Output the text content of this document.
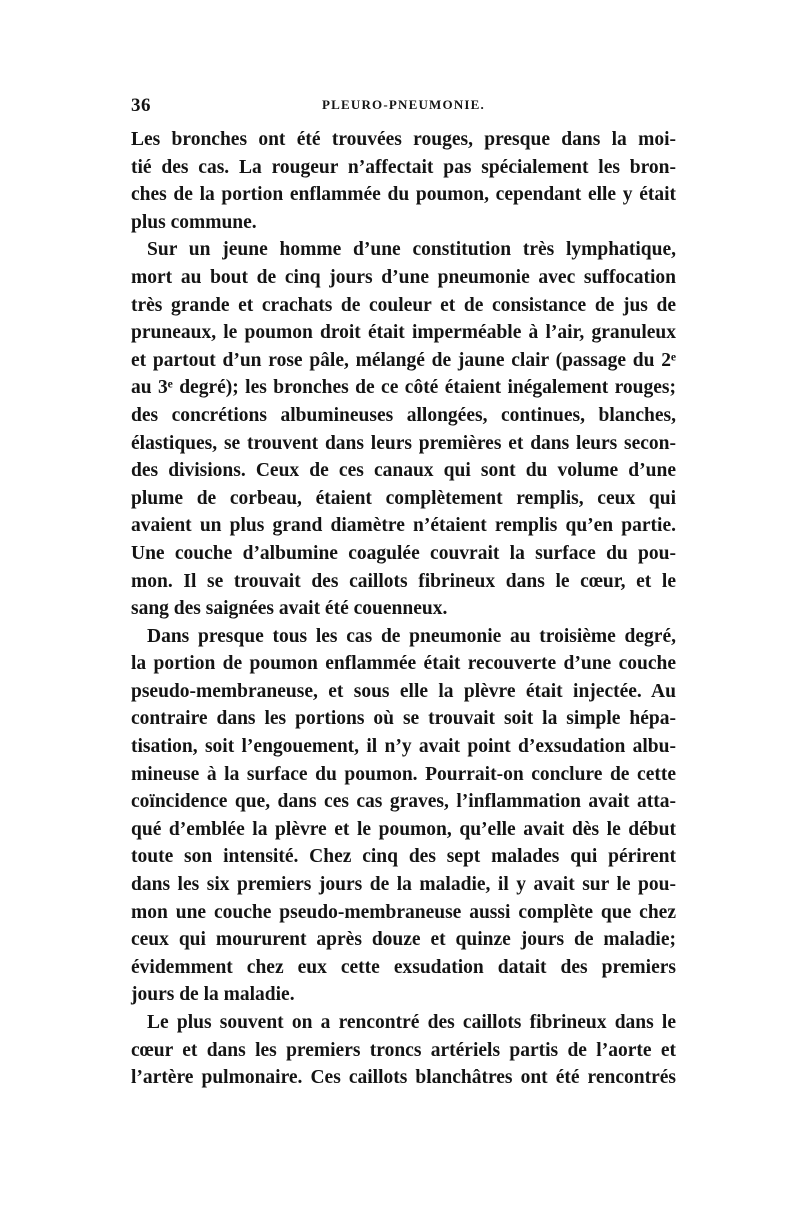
36	PLEURO-PNEUMONIE.
Les bronches ont été trouvées rouges, presque dans la moi-
tié des cas. La rougeur n’affectait pas spécialement les bron-
ches de la portion enflammée du poumon, cependant elle y était
plus commune.
Sur un jeune homme d’une constitution très lymphatique,
mort au bout de cinq jours d’une pneumonie avec suffocation
très grande et crachats de couleur et de consistance de jus de
pruneaux, le poumon droit était imperméable à l’air, granuleux
et partout d’un rose pâle, mélangé de jaune clair (passage du 2ᵉ
au 3ᵉ degré); les bronches de ce côté étaient inégalement rouges;
des concrétions albumineuses allongées, continues, blanches,
élastiques, se trouvent dans leurs premières et dans leurs secon-
des divisions. Ceux de ces canaux qui sont du volume d’une
plume de corbeau, étaient complètement remplis, ceux qui
avaient un plus grand diamètre n’étaient remplis qu’en partie.
Une couche d’albumine coagulée couvrait la surface du pou-
mon. Il se trouvait des caillots fibrineux dans le cœur, et le
sang des saignées avait été couenneux.
Dans presque tous les cas de pneumonie au troisième degré,
la portion de poumon enflammée était recouverte d’une couche
pseudo-membraneuse, et sous elle la plèvre était injectée. Au
contraire dans les portions où se trouvait soit la simple hépa-
tisation, soit l’engouement, il n’y avait point d’exsudation albu-
mineuse à la surface du poumon. Pourrait-on conclure de cette
coïncidence que, dans ces cas graves, l’inflammation avait atta-
qué d’emblée la plèvre et le poumon, qu’elle avait dès le début
toute son intensité. Chez cinq des sept malades qui périrent
dans les six premiers jours de la maladie, il y avait sur le pou-
mon une couche pseudo-membraneuse aussi complète que chez
ceux qui moururent après douze et quinze jours de maladie;
évidemment chez eux cette exsudation datait des premiers
jours de la maladie.
Le plus souvent on a rencontré des caillots fibrineux dans le
cœur et dans les premiers troncs artériels partis de l’aorte et
l’artère pulmonaire. Ces caillots blanchâtres ont été rencontrés
